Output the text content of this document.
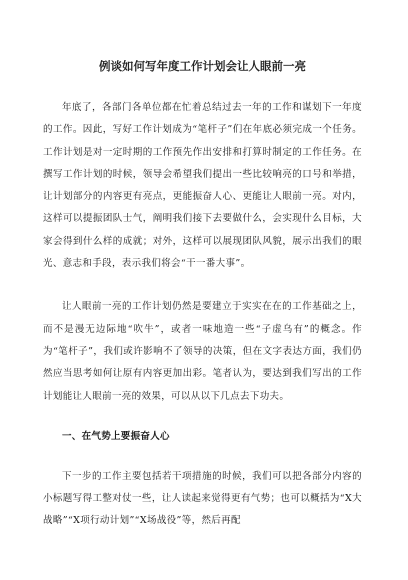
例谈如何写年度工作计划会让人眼前一亮

年底了，各部门各单位都在忙着总结过去一年的工作和谋划下一年度的工作。因此，写好工作计划成为“笔杆子”们在年底必须完成一个任务。工作计划是对一定时期的工作预先作出安排和打算时制定的工作任务。在撰写工作计划的时候，领导会希望我们提出一些比较响亮的口号和举措，让计划部分的内容更有亮点，更能振奋人心、更能让人眼前一亮。对内，这样可以提振团队士气，阐明我们接下去要做什么，会实现什么目标，大家会得到什么样的成就；对外，这样可以展现团队风貌，展示出我们的眼光、意志和手段，表示我们将会“干一番大事”。

让人眼前一亮的工作计划仍然是要建立于实实在在的工作基础之上，而不是漫无边际地“吹牛”，或者一味地造一些“子虚乌有”的概念。作为“笔杆子”，我们或许影响不了领导的决策，但在文字表达方面，我们仍然应当思考如何让原有内容更加出彩。笔者认为，要达到我们写出的工作计划能让人眼前一亮的效果，可以从以下几点去下功夫。

一、在气势上要振奋人心

下一步的工作主要包括若干项措施的时候，我们可以把各部分内容的小标题写得工整对仗一些，让人读起来觉得更有气势；也可以概括为“X大战略”“X项行动计划”“X场战役”等，然后再配
